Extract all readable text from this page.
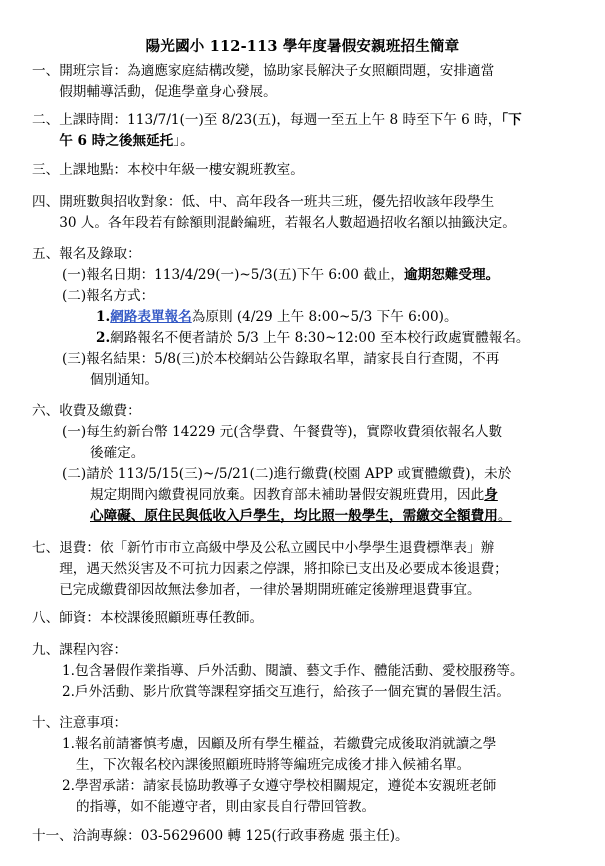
陽光國小 112-113 學年度暑假安親班招生簡章
一、 開班宗旨：為適應家庭結構改變，協助家長解決子女照顧問題，安排適當
假期輔導活動，促進學童身心發展。
二、 上課時間：113/7/1(一)至 8/23(五)，每週一至五上午 8 時至下午 6 時，「下
午 6 時之後無延托」。
三、 上課地點：本校中年級一樓安親班教室。
四、 開班數與招收對象：低、中、高年段各一班共三班，優先招收該年段學生
30 人。各年段若有餘額則混齡編班，若報名人數超過招收名額以抽籤決定。
五、 報名及錄取：
(一)報名日期：113/4/29(一)~5/3(五)下午 6:00 截止，逾期恕難受理。
(二)報名方式：
1.網路表單報名為原則 (4/29 上午 8:00~5/3 下午 6:00)。
2.網路報名不便者請於 5/3 上午 8:30~12:00 至本校行政處實體報名。
(三)報名結果：5/8(三)於本校網站公告錄取名單，請家長自行查閱，不再
個別通知。
六、 收費及繳費：
(一)每生約新台幣 14229 元(含學費、午餐費等)，實際收費須依報名人數
後確定。
(二)請於 113/5/15(三)~/5/21(二)進行繳費(校園 APP 或實體繳費)，未於
規定期間內繳費視同放棄。因教育部未補助暑假安親班費用，因此身
心障礙、原住民與低收入戶學生，均比照一般學生，需繳交全額費用。
七、 退費：依「新竹市市立高級中學及公私立國民中小學學生退費標準表」辦
理，遇天然災害及不可抗力因素之停課，將扣除已支出及必要成本後退費；
已完成繳費卻因故無法參加者，一律於暑期開班確定後辦理退費事宜。
八、 師資：本校課後照顧班專任教師。
九、 課程內容：
1.包含暑假作業指導、戶外活動、閱讀、藝文手作、體能活動、愛校服務等。
2.戶外活動、影片欣賞等課程穿插交互進行，給孩子一個充實的暑假生活。
十、 注意事項：
1.報名前請審慎考慮，因顧及所有學生權益，若繳費完成後取消就讀之學
生，下次報名校內課後照顧班時將等編班完成後才排入候補名單。
2.學習承諾：請家長協助教導子女遵守學校相關規定，遵從本安親班老師
的指導，如不能遵守者，則由家長自行帶回管教。
十一、 洽詢專線：03-5629600 轉 125(行政事務處 張主任)。
